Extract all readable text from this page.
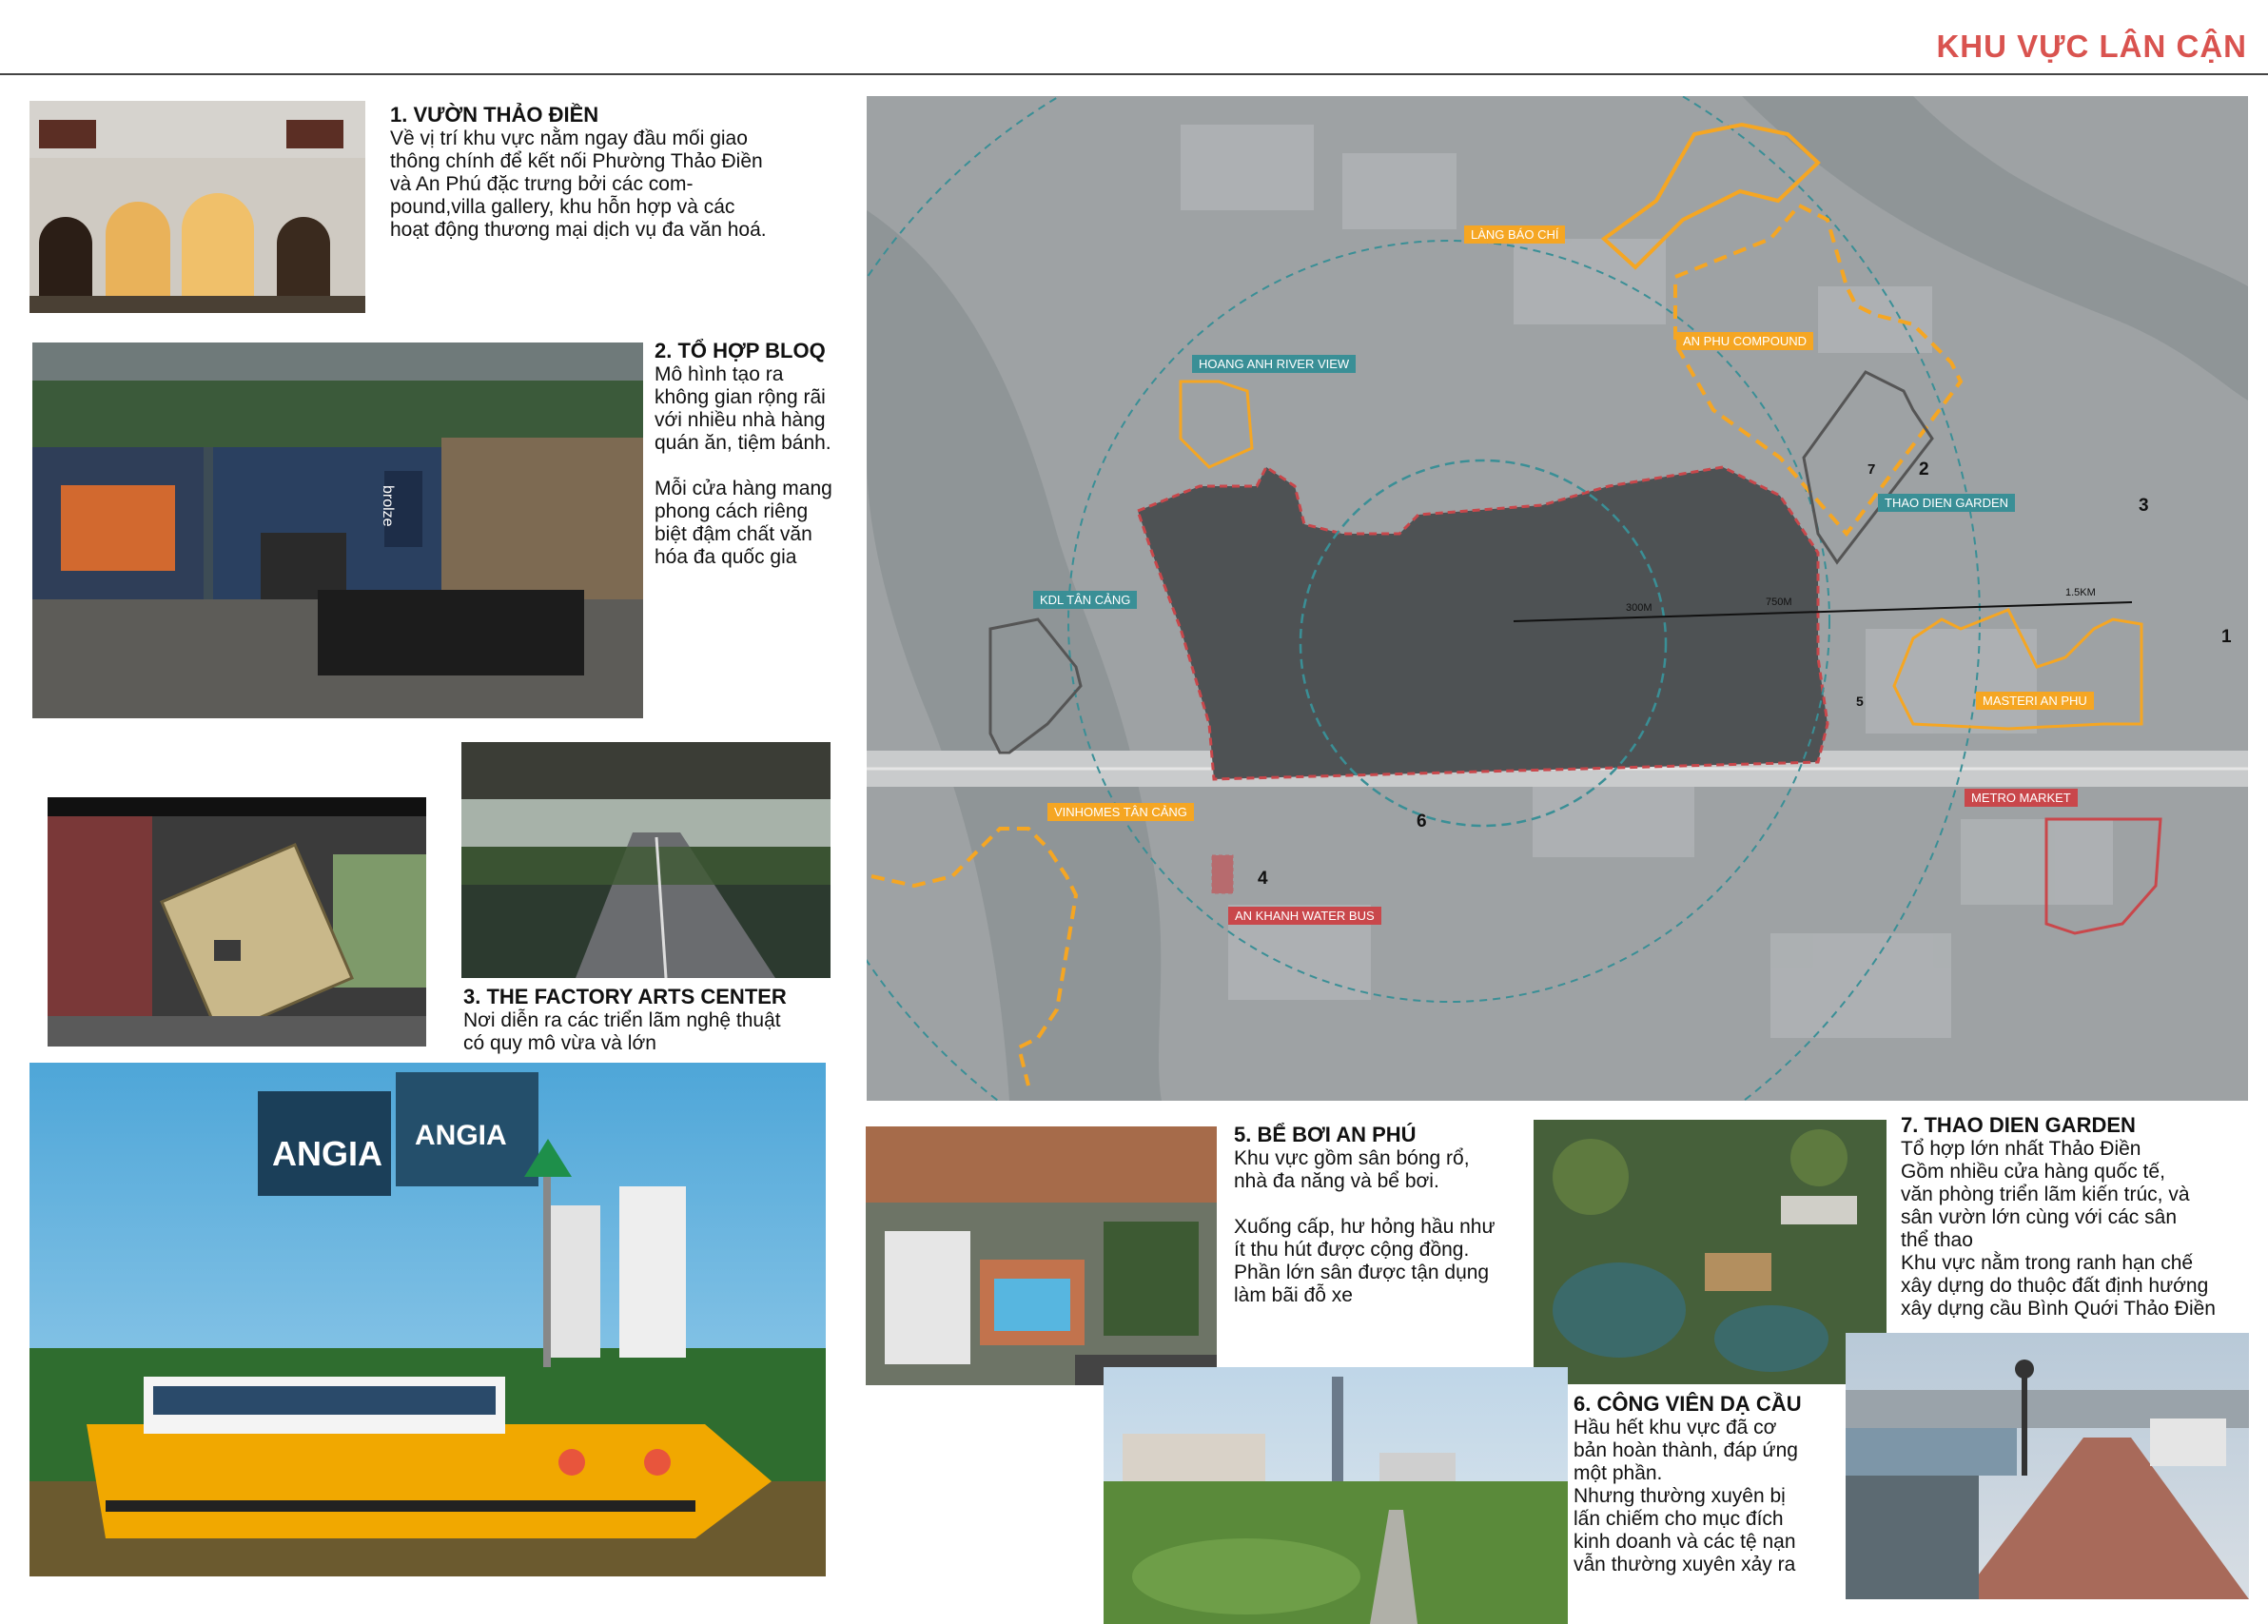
KHU VỰC LÂN CẬN
1. VƯỜN THẢO ĐIỀN
Về vị trí khu vực nằm ngay đầu mối giao
thông chính để kết nối Phường Thảo Điền
và An Phú đặc trưng bởi các com-
pound,villa gallery, khu hỗn hợp và các
hoạt động thương mại dịch vụ đa văn hoá.
brolze
2. TỔ HỢP BLOQ
Mô hình tạo ra
không gian rộng rãi
với nhiều nhà hàng
quán ăn, tiệm bánh.

Mỗi cửa hàng mang
phong cách riêng
biệt đậm chất văn
hóa đa quốc gia
3. THE FACTORY ARTS CENTER
Nơi diễn ra các triển lãm nghệ thuật
có quy mô vừa và lớn
ANGIA ANGIA
LÀNG BÁO CHÍ
AN PHU COMPOUND
HOANG ANH RIVER VIEW
THAO DIEN GARDEN
KDL TÂN CẢNG
MASTERI AN PHU
METRO MARKET
VINHOMES TÂN CẢNG
AN KHANH WATER BUS
300M	750M
1.5KM
1
2
3
4
5
6
7
5. BỂ BƠI AN PHÚ
Khu vực gồm sân bóng rổ,
nhà đa năng và bể bơi.

Xuống cấp, hư hỏng hầu như
ít thu hút được cộng đồng.
Phần lớn sân được tận dụng
làm bãi đỗ xe
7. THAO DIEN GARDEN
Tổ hợp lớn nhất Thảo Điền
Gồm nhiều cửa hàng quốc tế,
văn phòng triển lãm kiến trúc, và
sân vườn lớn cùng với các sân
thể thao
Khu vực nằm trong ranh hạn chế
xây dựng do thuộc đất định hướng
xây dựng cầu Bình Quới Thảo Điền
6. CÔNG VIÊN DẠ CẦU
Hầu hết khu vực đã cơ
bản hoàn thành, đáp ứng
một phần.
Nhưng thường xuyên bị
lấn chiếm cho mục đích
kinh doanh và các tệ nạn
vẫn thường xuyên xảy ra
